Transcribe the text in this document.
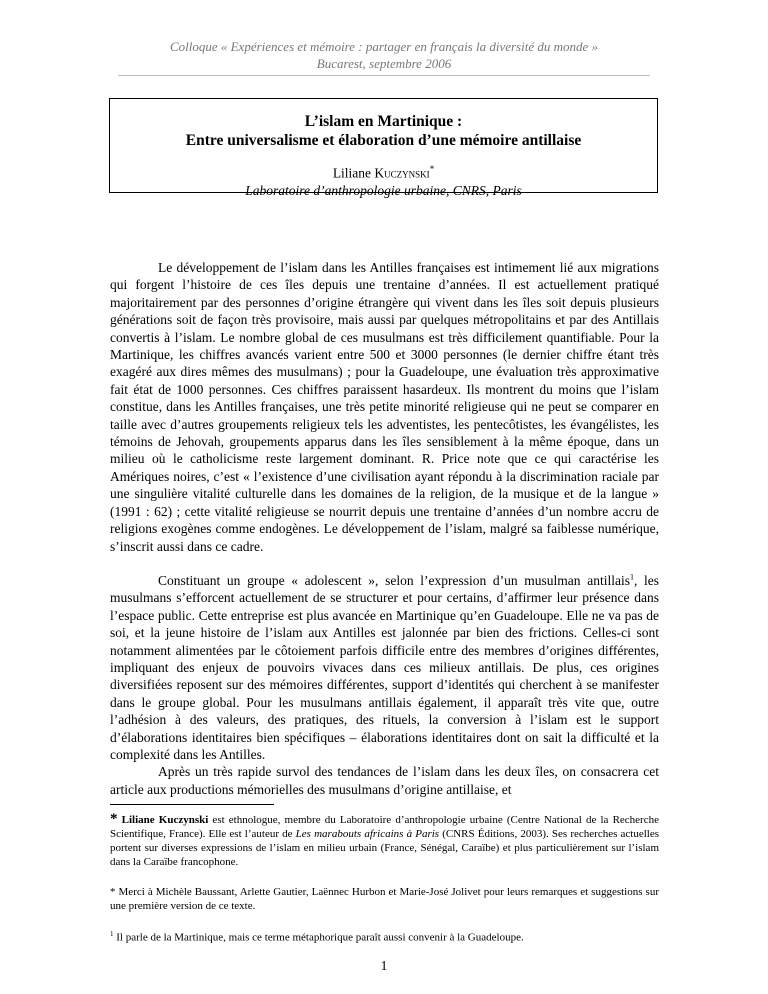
Colloque « Expériences et mémoire : partager en français la diversité du monde »
Bucarest, septembre 2006
L’islam en Martinique :
Entre universalisme et élaboration d’une mémoire antillaise
Liliane Kuczynski*
Laboratoire d’anthropologie urbaine, CNRS, Paris

Le développement de l’islam dans les Antilles françaises est intimement lié aux migrations qui forgent l’histoire de ces îles depuis une trentaine d’années. Il est actuellement pratiqué majoritairement par des personnes d’origine étrangère qui vivent dans les îles soit depuis plusieurs générations soit de façon très provisoire, mais aussi par quelques métropolitains et par des Antillais convertis à l’islam. Le nombre global de ces musulmans est très difficilement quantifiable. Pour la Martinique, les chiffres avancés varient entre 500 et 3000 personnes (le dernier chiffre étant très exagéré aux dires mêmes des musulmans) ; pour la Guadeloupe, une évaluation très approximative fait état de 1000 personnes. Ces chiffres paraissent hasardeux. Ils montrent du moins que l’islam constitue, dans les Antilles françaises, une très petite minorité religieuse qui ne peut se comparer en taille avec d’autres groupements religieux tels les adventistes, les pentecôtistes, les évangélistes, les témoins de Jehovah, groupements apparus dans les îles sensiblement à la même époque, dans un milieu où le catholicisme reste largement dominant. R. Price note que ce qui caractérise les Amériques noires, c’est « l’existence d’une civilisation ayant répondu à la discrimination raciale par une singulière vitalité culturelle dans les domaines de la religion, de la musique et de la langue » (1991 : 62) ; cette vitalité religieuse se nourrit depuis une trentaine d’années d’un nombre accru de religions exogènes comme endogènes. Le développement de l’islam, malgré sa faiblesse numérique, s’inscrit aussi dans ce cadre.

Constituant un groupe « adolescent », selon l’expression d’un musulman antillais$^1$, les musulmans s’efforcent actuellement de se structurer et pour certains, d’affirmer leur présence dans l’espace public. Cette entreprise est plus avancée en Martinique qu’en Guadeloupe. Elle ne va pas de soi, et la jeune histoire de l’islam aux Antilles est jalonnée par bien des frictions. Celles-ci sont notamment alimentées par le côtoiement parfois difficile entre des membres d’origines différentes, impliquant des enjeux de pouvoirs vivaces dans ces milieux antillais. De plus, ces origines diversifiées reposent sur des mémoires différentes, support d’identités qui cherchent à se manifester dans le groupe global. Pour les musulmans antillais également, il apparaît très vite que, outre l’adhésion à des valeurs, des pratiques, des rituels, la conversion à l’islam est le support d’élaborations identitaires bien spécifiques – élaborations identitaires dont on sait la difficulté et la complexité dans les Antilles.

Après un très rapide survol des tendances de l’islam dans les deux îles, on consacrera cet article aux productions mémorielles des musulmans d’origine antillaise, et

* Liliane Kuczynski est ethnologue, membre du Laboratoire d’anthropologie urbaine (Centre National de la Recherche Scientifique, France). Elle est l’auteur de Les marabouts africains à Paris (CNRS Éditions, 2003). Ses recherches actuelles portent sur diverses expressions de l’islam en milieu urbain (France, Sénégal, Caraïbe) et plus particulièrement sur l’islam dans la Caraïbe francophone.

* Merci à Michèle Baussant, Arlette Gautier, Laënnec Hurbon et Marie-José Jolivet pour leurs remarques et suggestions sur une première version de ce texte.

$^1$ Il parle de la Martinique, mais ce terme métaphorique paraît aussi convenir à la Guadeloupe.

1
